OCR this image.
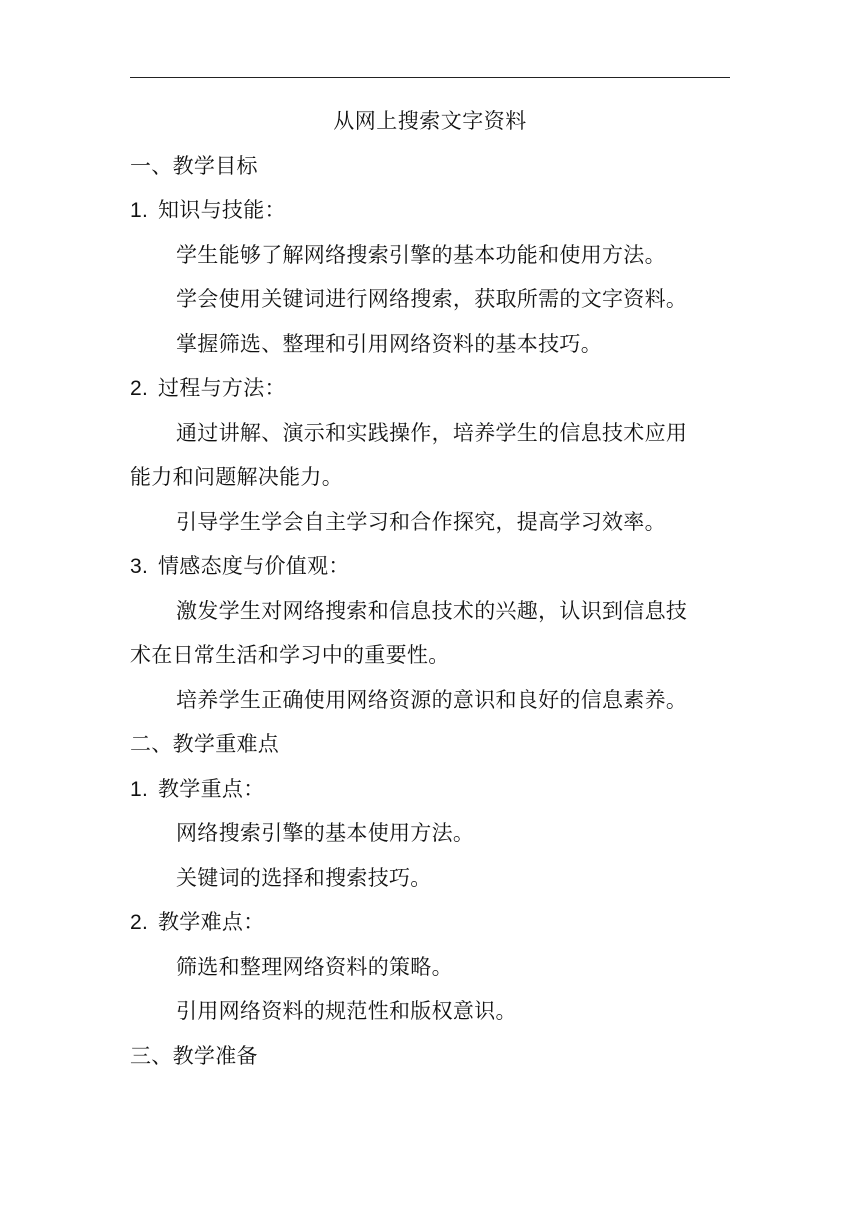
从网上搜索文字资料
一、教学目标
1. 知识与技能：
学生能够了解网络搜索引擎的基本功能和使用方法。
学会使用关键词进行网络搜索，获取所需的文字资料。
掌握筛选、整理和引用网络资料的基本技巧。
2. 过程与方法：
通过讲解、演示和实践操作，培养学生的信息技术应用
能力和问题解决能力。
引导学生学会自主学习和合作探究，提高学习效率。
3. 情感态度与价值观：
激发学生对网络搜索和信息技术的兴趣，认识到信息技
术在日常生活和学习中的重要性。
培养学生正确使用网络资源的意识和良好的信息素养。
二、教学重难点
1. 教学重点：
网络搜索引擎的基本使用方法。
关键词的选择和搜索技巧。
2. 教学难点：
筛选和整理网络资料的策略。
引用网络资料的规范性和版权意识。
三、教学准备
